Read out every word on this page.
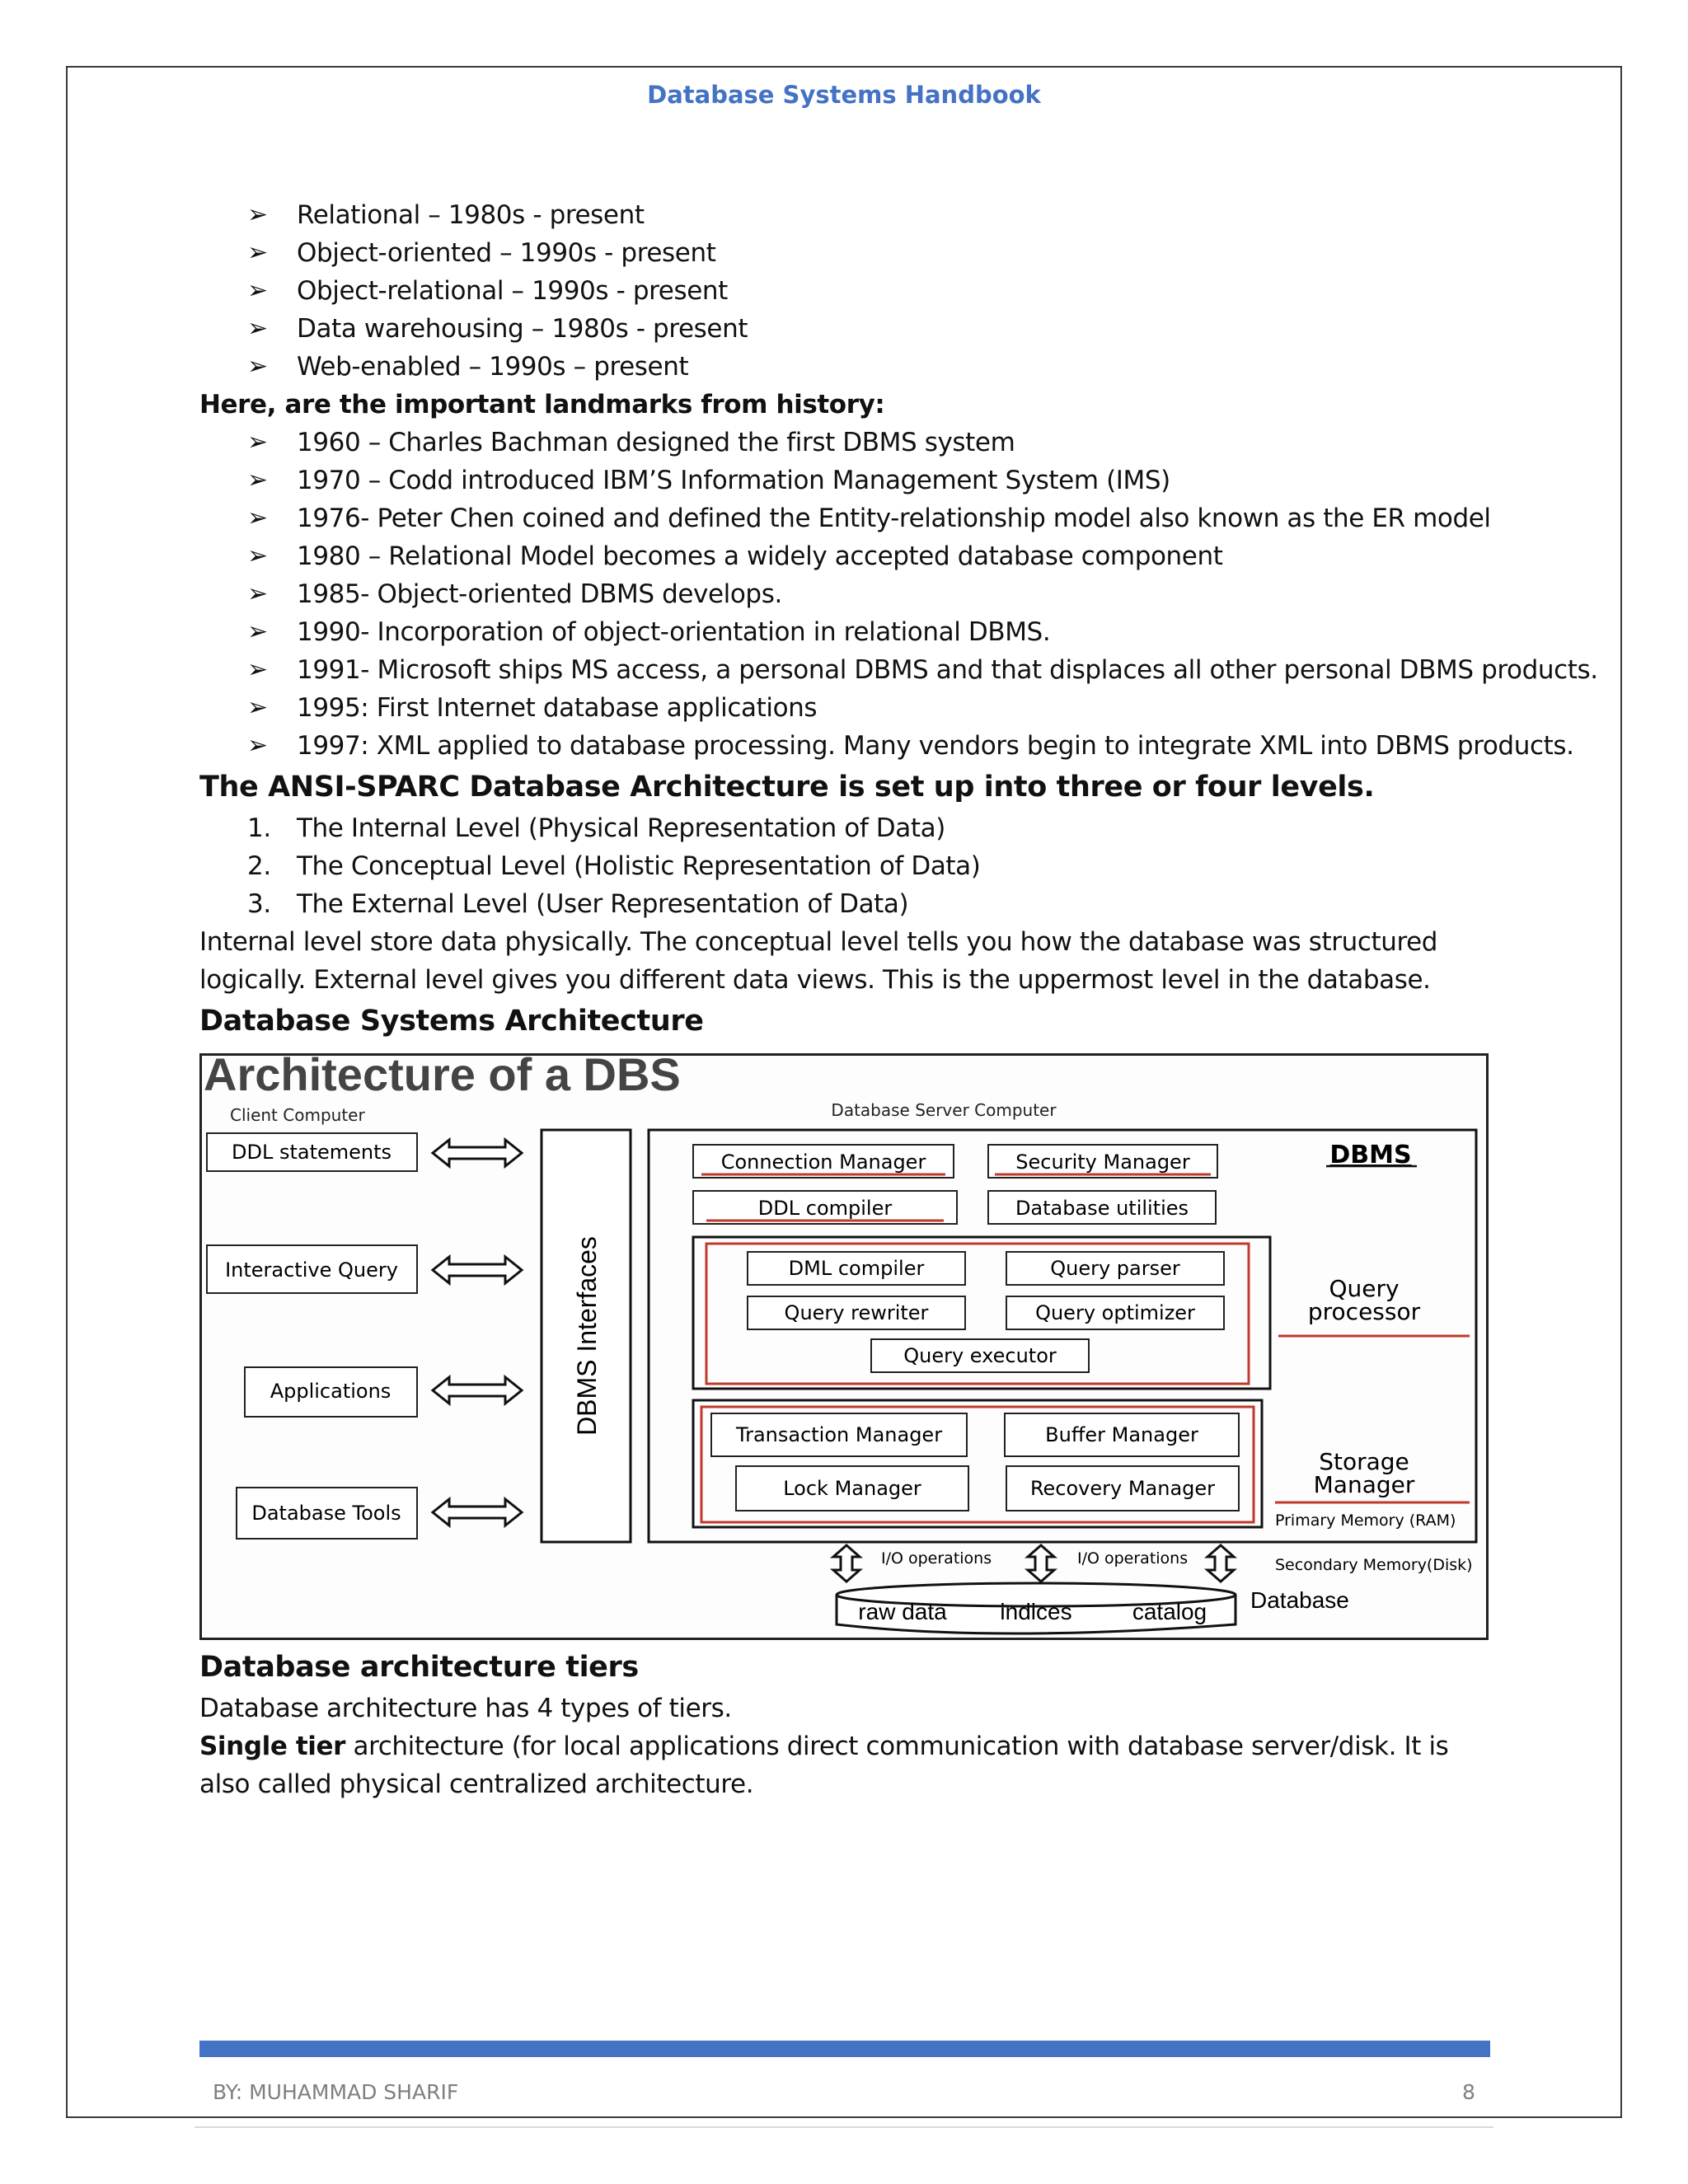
Database Systems Handbook
➢ Relational – 1980s - present
➢ Object-oriented – 1990s - present
➢ Object-relational – 1990s - present
➢ Data warehousing – 1980s - present
➢ Web-enabled – 1990s – present
Here, are the important landmarks from history:
➢ 1960 – Charles Bachman designed the first DBMS system
➢ 1970 – Codd introduced IBM’S Information Management System (IMS)
➢ 1976- Peter Chen coined and defined the Entity-relationship model also known as the ER model
➢ 1980 – Relational Model becomes a widely accepted database component
➢ 1985- Object-oriented DBMS develops.
➢ 1990- Incorporation of object-orientation in relational DBMS.
➢ 1991- Microsoft ships MS access, a personal DBMS and that displaces all other personal DBMS products.
➢ 1995: First Internet database applications
➢ 1997: XML applied to database processing. Many vendors begin to integrate XML into DBMS products.
The ANSI-SPARC Database Architecture is set up into three or four levels.
1. The Internal Level (Physical Representation of Data)
2. The Conceptual Level (Holistic Representation of Data)
3. The External Level (User Representation of Data)
Internal level store data physically. The conceptual level tells you how the database was structured logically. External level gives you different data views. This is the uppermost level in the database.
Database Systems Architecture
Architecture of a DBS
Client Computer	Database Server Computer
DDL statements
Interactive Query
Applications
Database Tools
DBMS Interfaces
DBMS
Connection Manager	Security Manager
DDL compiler	Database utilities
DML compiler	Query parser
Query rewriter	Query optimizer
Query executor
Query processor
Transaction Manager	Buffer Manager
Lock Manager	Recovery Manager
Storage Manager
Primary Memory (RAM)
I/O operations	I/O operations	Secondary Memory(Disk)
raw data indices	catalog Database
Database architecture tiers
Database architecture has 4 types of tiers.
Single tier architecture (for local applications direct communication with database server/disk. It is also called physical centralized architecture.
BY: MUHAMMAD SHARIF	8
